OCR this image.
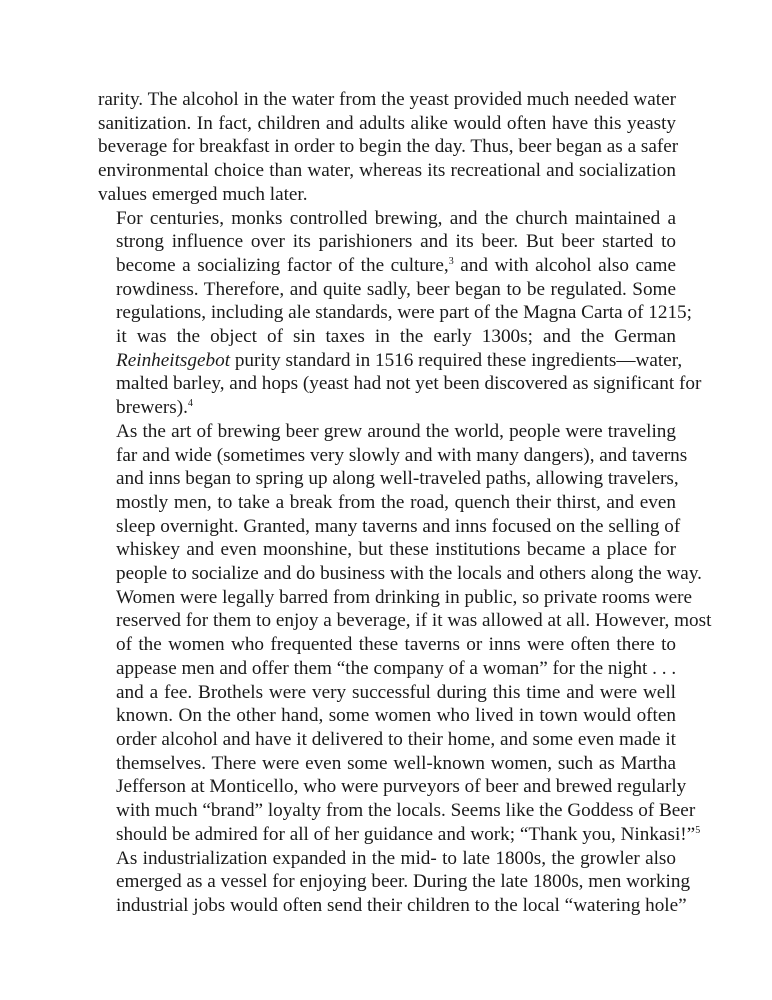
rarity. The alcohol in the water from the yeast provided much needed water
sanitization. In fact, children and adults alike would often have this yeasty
beverage for breakfast in order to begin the day. Thus, beer began as a safer
environmental choice than water, whereas its recreational and socialization
values emerged much later.

For centuries, monks controlled brewing, and the church maintained a
strong influence over its parishioners and its beer. But beer started to
become a socializing factor of the culture,$^3$ and with alcohol also came
rowdiness. Therefore, and quite sadly, beer began to be regulated. Some
regulations, including ale standards, were part of the Magna Carta of 1215;
it was the object of sin taxes in the early 1300s; and the German
Reinheitsgebot purity standard in 1516 required these ingredients—water,
malted barley, and hops (yeast had not yet been discovered as significant for
brewers).$^4$

As the art of brewing beer grew around the world, people were traveling
far and wide (sometimes very slowly and with many dangers), and taverns
and inns began to spring up along well-traveled paths, allowing travelers,
mostly men, to take a break from the road, quench their thirst, and even
sleep overnight. Granted, many taverns and inns focused on the selling of
whiskey and even moonshine, but these institutions became a place for
people to socialize and do business with the locals and others along the way.
Women were legally barred from drinking in public, so private rooms were
reserved for them to enjoy a beverage, if it was allowed at all. However, most
of the women who frequented these taverns or inns were often there to
appease men and offer them “the company of a woman” for the night . . .
and a fee. Brothels were very successful during this time and were well
known. On the other hand, some women who lived in town would often
order alcohol and have it delivered to their home, and some even made it
themselves. There were even some well-known women, such as Martha
Jefferson at Monticello, who were purveyors of beer and brewed regularly
with much “brand” loyalty from the locals. Seems like the Goddess of Beer
should be admired for all of her guidance and work; “Thank you, Ninkasi!”$^5$

As industrialization expanded in the mid- to late 1800s, the growler also
emerged as a vessel for enjoying beer. During the late 1800s, men working
industrial jobs would often send their children to the local “watering hole”
